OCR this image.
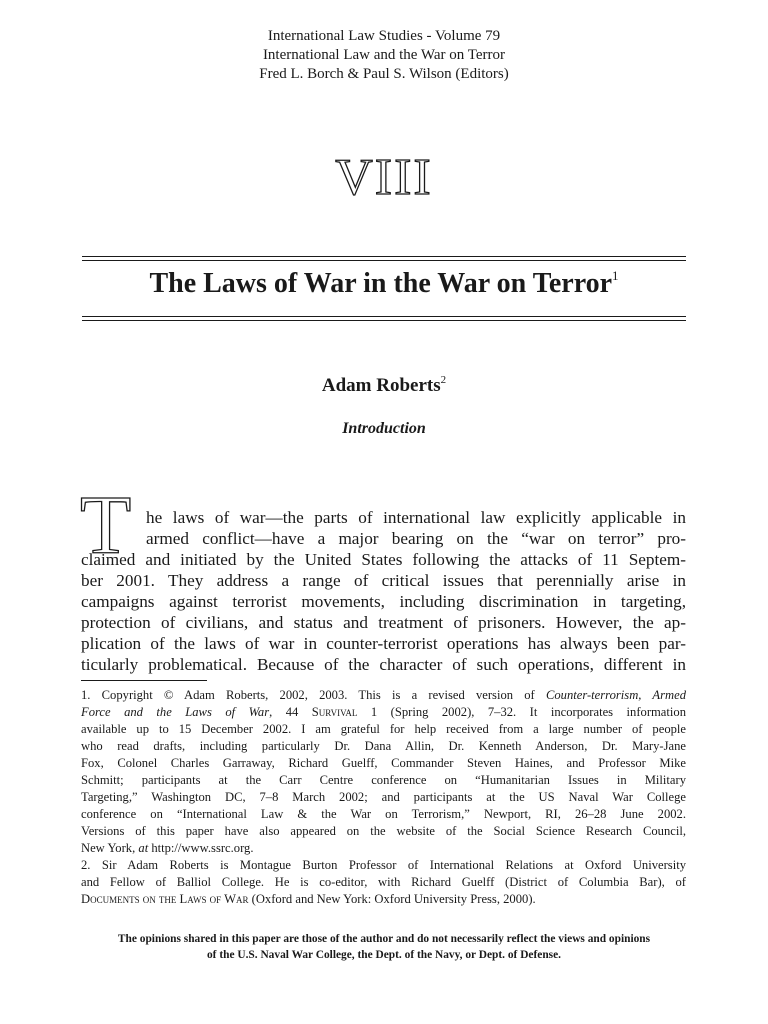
International Law Studies - Volume 79
International Law and the War on Terror
Fred L. Borch & Paul S. Wilson (Editors)
VIII
The Laws of War in the War on Terror$^1$
Adam Roberts$^2$
Introduction
T he laws of war—the parts of international law explicitly applicable in
armed conflict—have a major bearing on the “war on terror” pro-
claimed and initiated by the United States following the attacks of 11 Septem-
ber 2001. They address a range of critical issues that perennially arise in
campaigns against terrorist movements, including discrimination in targeting,
protection of civilians, and status and treatment of prisoners. However, the ap-
plication of the laws of war in counter-terrorist operations has always been par-
ticularly problematical. Because of the character of such operations, different in
1. Copyright © Adam Roberts, 2002, 2003. This is a revised version of Counter-terrorism, Armed
Force and the Laws of War, 44 Survival 1 (Spring 2002), 7–32. It incorporates information
available up to 15 December 2002. I am grateful for help received from a large number of people
who read drafts, including particularly Dr. Dana Allin, Dr. Kenneth Anderson, Dr. Mary-Jane
Fox, Colonel Charles Garraway, Richard Guelff, Commander Steven Haines, and Professor Mike
Schmitt; participants at the Carr Centre conference on “Humanitarian Issues in Military
Targeting,” Washington DC, 7–8 March 2002; and participants at the US Naval War College
conference on “International Law & the War on Terrorism,” Newport, RI, 26–28 June 2002.
Versions of this paper have also appeared on the website of the Social Science Research Council,
New York, at http://www.ssrc.org.
2. Sir Adam Roberts is Montague Burton Professor of International Relations at Oxford University
and Fellow of Balliol College. He is co-editor, with Richard Guelff (District of Columbia Bar), of
Documents on the Laws of War (Oxford and New York: Oxford University Press, 2000).
The opinions shared in this paper are those of the author and do not necessarily reflect the views and opinions
of the U.S. Naval War College, the Dept. of the Navy, or Dept. of Defense.
